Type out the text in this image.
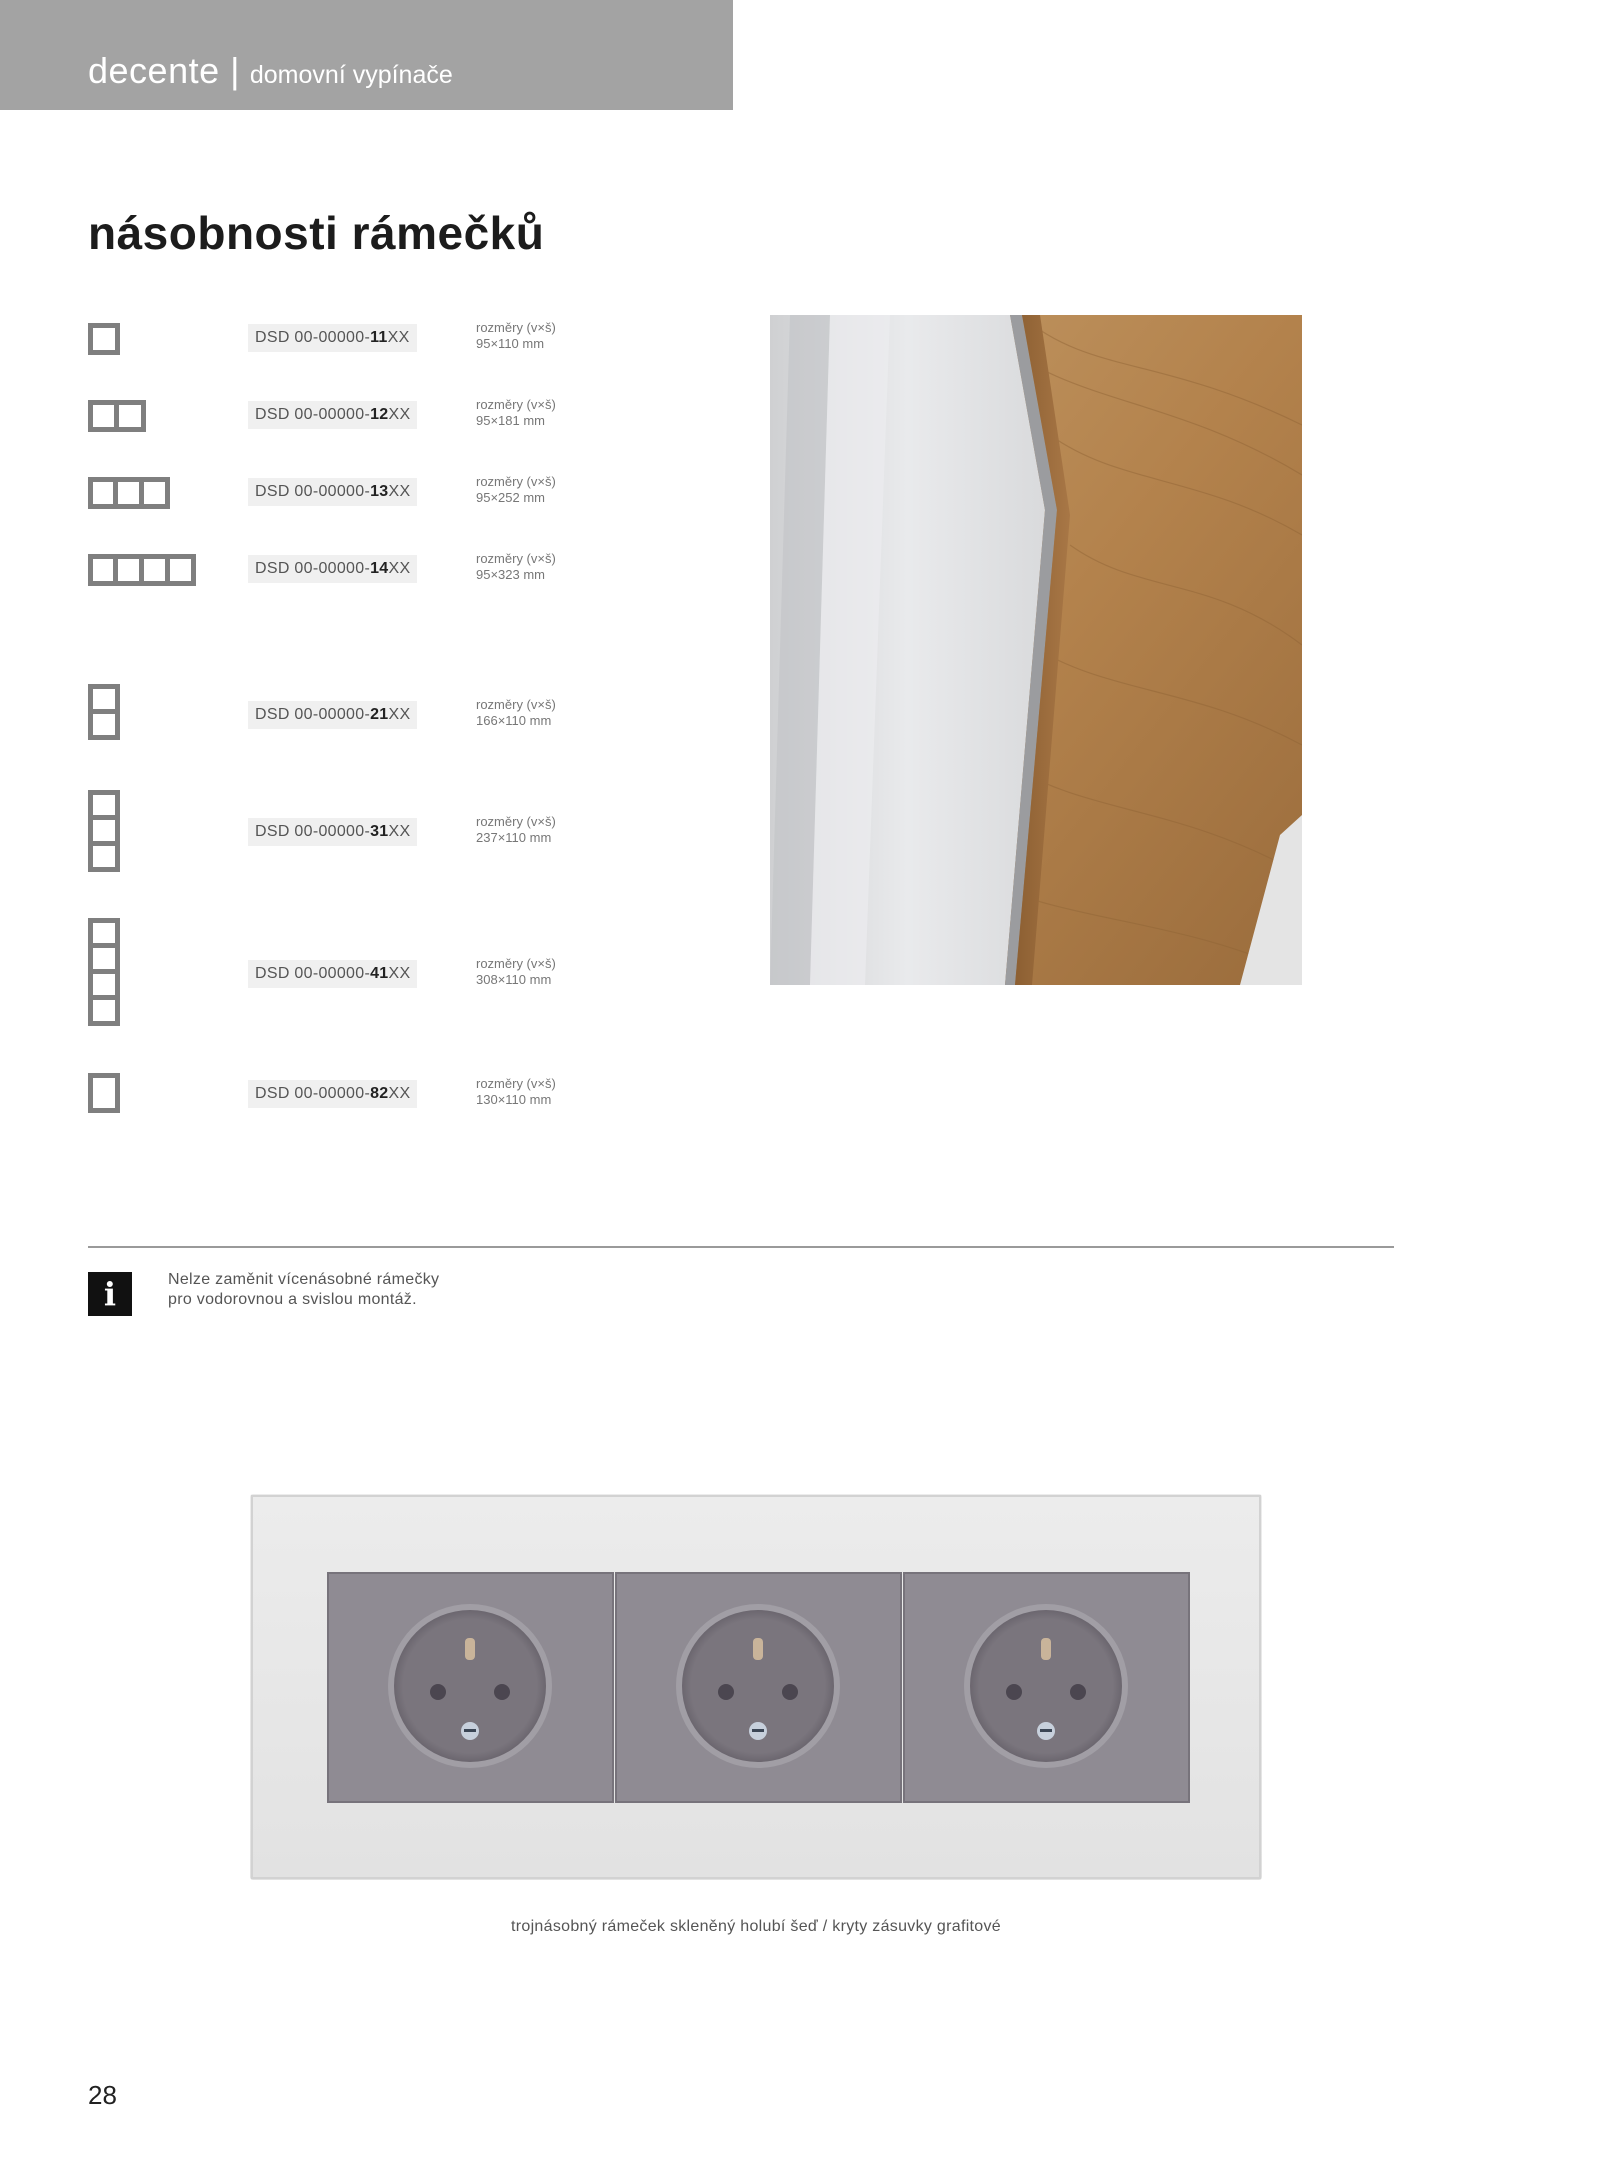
decente | domovní vypínače
násobnosti rámečků
DSD 00-00000-11XX
rozměry (v×š)
95×110 mm
DSD 00-00000-12XX
rozměry (v×š)
95×181 mm
DSD 00-00000-13XX
rozměry (v×š)
95×252 mm
DSD 00-00000-14XX
rozměry (v×š)
95×323 mm
DSD 00-00000-21XX
rozměry (v×š)
166×110 mm
DSD 00-00000-31XX
rozměry (v×š)
237×110 mm
DSD 00-00000-41XX
rozměry (v×š)
308×110 mm
DSD 00-00000-82XX
rozměry (v×š)
130×110 mm
i	Nelze zaměnit vícenásobné rámečky
pro vodorovnou a svislou montáž.
trojnásobný rámeček skleněný holubí šeď / kryty zásuvky grafitové
28
